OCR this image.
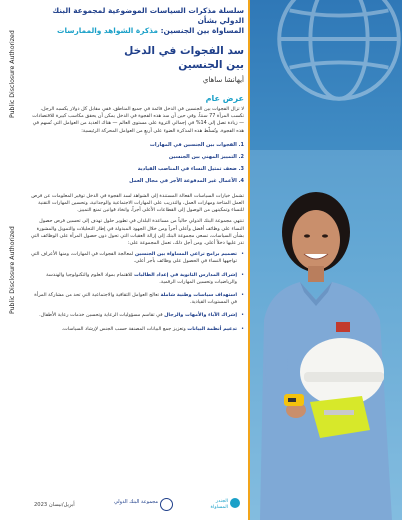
Public Disclosure Authorized
Public Disclosure Authorized
سلسلة مذكرات السياسات الموضوعية لمجموعة البنك الدولي بشأن
المساواة بين الجنسين: مذكرة الشواهد والممارسات
سد الفجوات في الدخل
بين الجنسين
أيهانشا ساهاي
عرض عام

لا تزال الفجوات بين الجنسين في الدخل قائمة في جميع المناطق، ففي مقابل كل دولار يكسبه الرجل، تكسب المرأة 77 سنتاً. وفي حين أن سد هذه الفجوة في الدخل يمكن أن يحقق مكاسب كبيرة للاقتصادات — زيادة تصل إلى 14% في إجمالي الثروة على مستوى العالم — هناك العديد من العوامل التي تُسهم في هذه الفجوة. وتُسلّط هذه المذكرة الضوء على أربعٍ من العوامل المحركة الرئيسية:

1. الفجوات بين الجنسين في المهارات
2. التمييز المهني بين الجنسين
3. ضعف تمثيل النساء في المناصب القيادية
4. الأعمال غير المدفوعة الأجر في مجال العمل

تشمل خيارات السياسات الفعالة المستندة إلى الشواهد لسد الفجوة في الدخل توفير المعلومات عن فرص العمل المتاحة ومهارات العمل، والتدريب على المهارات الاجتماعية والوجدانية، وتحسين المهارات التقنية للنساء وتمكينهن من الوصول إلى القطاعات الأعلى أجراً، واتخاذ قوانين تمنع التمييز.

تنتهي مجموعة البنك الدولي حالياً من مساعدة البلدان في تطوير حلول تهدف إلى تحسين فرص حصول النساء على وظائف أفضل وأعلى أجراً ومن خلال الجهود المبذولة في إطار التحليلات والتمويل والمشورة بشأن السياسات، تسعى مجموعة البنك إلى إزالة العقبات التي تحول دون حصول المرأة على الوظائف التي تدر عليها دخلاً أعلى. ومن أجل ذلك، تعمل المجموعة على:

• تصميم برامج تراعي المساواة بين الجنسين لمعالجة الفجوات في المهارات، ومنها الأعراف التي تواجهها النساء في الحصول على وظائف بأجر أعلى.
• إشراك المدارس الثانوية في إعداد الطالبات للاهتمام بمواد العلوم والتكنولوجيا والهندسة والرياضيات وتحسين المهارات الرقمية.
• استهداف سياسات وطنية شاملة تعالج العوامل الثقافية والاجتماعية التي تحد من مشاركة المرأة في المستويات القيادية.
• إشراك الآباء والأمهات والرجال في تقاسم مسؤوليات الرعاية وتحسين خدمات رعاية الأطفال.
• تدعيم أنظمة البيانات وتعزيز جمع البيانات المصنفة حسب الجنس لإرشاد السياسات.
أبريل/نيسان 2023	مجموعة البنك الدولي	الجندر المساواة
